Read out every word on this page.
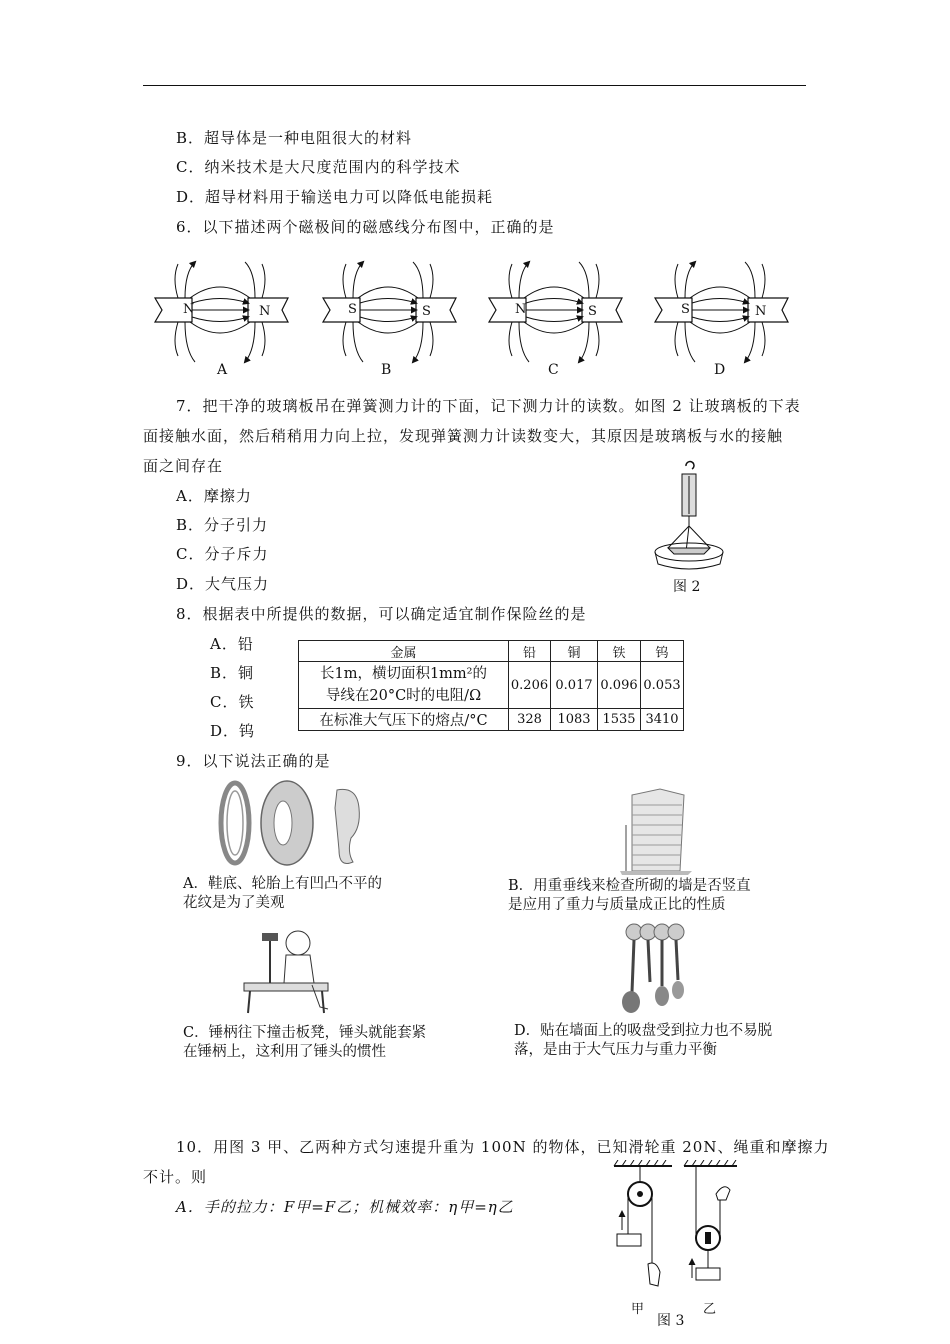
B．超导体是一种电阻很大的材料
C．纳米技术是大尺度范围内的科学技术
D．超导材料用于输送电力可以降低电能损耗
6．以下描述两个磁极间的磁感线分布图中，正确的是
N	N	S	S	N	S	S	N
A	B	C	D
7．把干净的玻璃板吊在弹簧测力计的下面，记下测力计的读数。如图 2 让玻璃板的下表
面接触水面，然后稍稍用力向上拉，发现弹簧测力计读数变大，其原因是玻璃板与水的接触
面之间存在
A．摩擦力
B．分子引力
C．分子斥力
D．大气压力	图 2
8．根据表中所提供的数据，可以确定适宜制作保险丝的是
A．铅
B．铜
C．铁
D．钨
金属	铅	铜	铁	钨

长1m，横切面积1mm²的
导线在20°C时的电阻/Ω	0.206	0.017	0.096	0.053
在标准大气压下的熔点/°C	328	1083	1535	3410
9．以下说法正确的是
A．鞋底、轮胎上有凹凸不平的
花纹是为了美观
B．用重垂线来检查所砌的墙是否竖直
是应用了重力与质量成正比的性质
C．锤柄往下撞击板凳，锤头就能套紧
在锤柄上，这利用了锤头的惯性
D．贴在墙面上的吸盘受到拉力也不易脱
落，是由于大气压力与重力平衡
10．用图 3 甲、乙两种方式匀速提升重为 100N 的物体，已知滑轮重 20N、绳重和摩擦力
不计。则
A．手的拉力：F甲=F乙；机械效率：η甲=η乙
甲	乙
图 3
